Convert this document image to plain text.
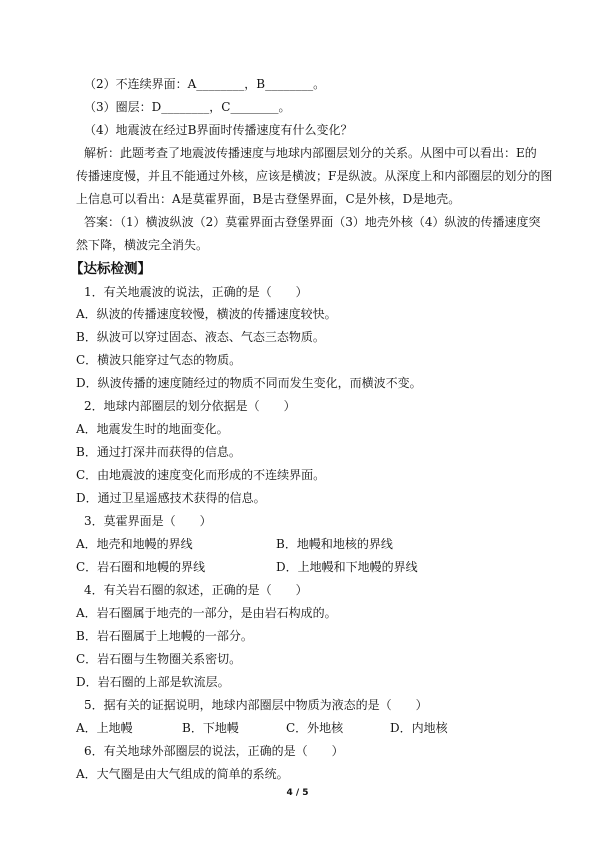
（2）不连续界面：A________，B________。
（3）圈层：D________，C________。
（4）地震波在经过B界面时传播速度有什么变化？
解析：此题考查了地震波传播速度与地球内部圈层划分的关系。从图中可以看出：E的
传播速度慢，并且不能通过外核，应该是横波；F是纵波。从深度上和内部圈层的划分的图
上信息可以看出：A是莫霍界面，B是古登堡界面，C是外核，D是地壳。
答案：（1）横波纵波（2）莫霍界面古登堡界面（3）地壳外核（4）纵波的传播速度突
然下降，横波完全消失。
【达标检测】
1．有关地震波的说法，正确的是（　　）
A．纵波的传播速度较慢，横波的传播速度较快。
B．纵波可以穿过固态、液态、气态三态物质。
C．横波只能穿过气态的物质。
D．纵波传播的速度随经过的物质不同而发生变化，而横波不变。
2．地球内部圈层的划分依据是（　　）
A．地震发生时的地面变化。
B．通过打深井而获得的信息。
C．由地震波的速度变化而形成的不连续界面。
D．通过卫星遥感技术获得的信息。
3．莫霍界面是（　　）
A．地壳和地幔的界线	B．地幔和地核的界线
C．岩石圈和地幔的界线	D．上地幔和下地幔的界线
4．有关岩石圈的叙述，正确的是（　　）
A．岩石圈属于地壳的一部分，是由岩石构成的。
B．岩石圈属于上地幔的一部分。
C．岩石圈与生物圈关系密切。
D．岩石圈的上部是软流层。
5．据有关的证据说明，地球内部圈层中物质为液态的是（　　）
A．上地幔	B．下地幔	C．外地核	D．内地核
6．有关地球外部圈层的说法，正确的是（　　）
A．大气圈是由大气组成的简单的系统。
4 / 5
